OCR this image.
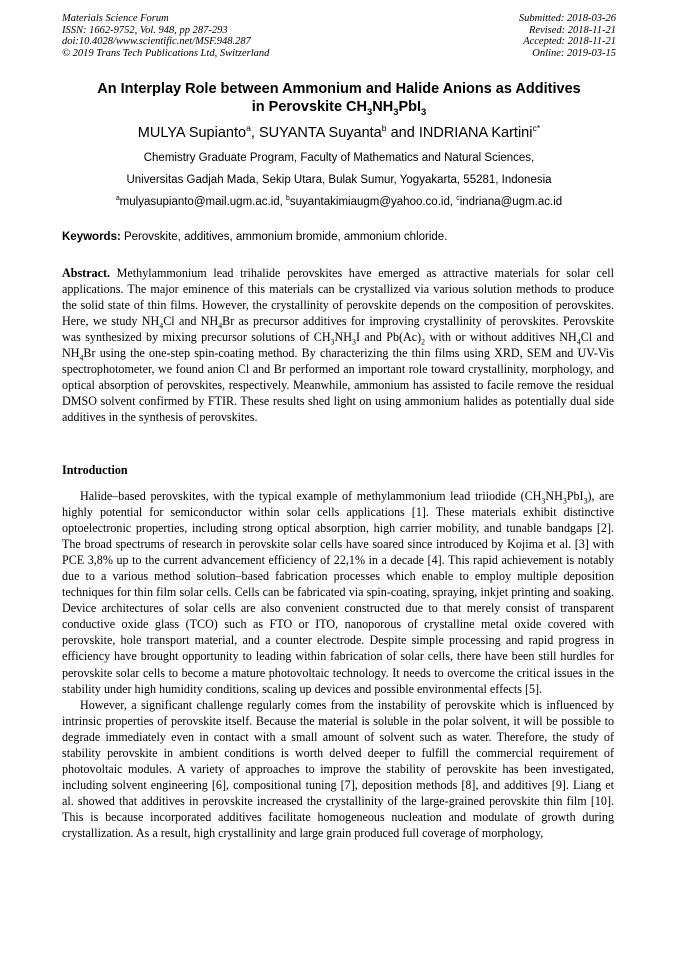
Materials Science Forum
ISSN: 1662-9752, Vol. 948, pp 287-293
doi:10.4028/www.scientific.net/MSF.948.287
© 2019 Trans Tech Publications Ltd, Switzerland
Submitted: 2018-03-26
Revised: 2018-11-21
Accepted: 2018-11-21
Online: 2019-03-15
An Interplay Role between Ammonium and Halide Anions as Additives
in Perovskite $CH_3NH_3PbI_3$
MULYA Supianto$^a$, SUYANTA Suyanta$^b$ and INDRIANA Kartini$^{c*}$
Chemistry Graduate Program, Faculty of Mathematics and Natural Sciences,
Universitas Gadjah Mada, Sekip Utara, Bulak Sumur, Yogyakarta, 55281, Indonesia
$^a$mulyasupianto@mail.ugm.ac.id, $^b$suyantakimiaugm@yahoo.co.id, $^c$indriana@ugm.ac.id
Keywords: Perovskite, additives, ammonium bromide, ammonium chloride.
Abstract. Methylammonium lead trihalide perovskites have emerged as attractive materials for solar cell applications. The major eminence of this materials can be crystallized via various solution methods to produce the solid state of thin films. However, the crystallinity of perovskite depends on the composition of perovskites. Here, we study $NH_4Cl$ and $NH_4Br$ as precursor additives for improving crystallinity of perovskites. Perovskite was synthesized by mixing precursor solutions of $CH_3NH_3I$ and $Pb(Ac)_2$ with or without additives $NH_4Cl$ and $NH_4Br$ using the one-step spin-coating method. By characterizing the thin films using XRD, SEM and UV-Vis spectrophotometer, we found anion Cl and Br performed an important role toward crystallinity, morphology, and optical absorption of perovskites, respectively. Meanwhile, ammonium has assisted to facile remove the residual DMSO solvent confirmed by FTIR. These results shed light on using ammonium halides as potentially dual side additives in the synthesis of perovskites.
Introduction
Halide–based perovskites, with the typical example of methylammonium lead triiodide $(CH_3NH_3PbI_3)$, are highly potential for semiconductor within solar cells applications [1]. These materials exhibit distinctive optoelectronic properties, including strong optical absorption, high carrier mobility, and tunable bandgaps [2]. The broad spectrums of research in perovskite solar cells have soared since introduced by Kojima et al. [3] with PCE 3,8% up to the current advancement efficiency of 22,1% in a decade [4]. This rapid achievement is notably due to a various method solution–based fabrication processes which enable to employ multiple deposition techniques for thin film solar cells. Cells can be fabricated via spin-coating, spraying, inkjet printing and soaking. Device architectures of solar cells are also convenient constructed due to that merely consist of transparent conductive oxide glass (TCO) such as FTO or ITO, nanoporous of crystalline metal oxide covered with perovskite, hole transport material, and a counter electrode. Despite simple processing and rapid progress in efficiency have brought opportunity to leading within fabrication of solar cells, there have been still hurdles for perovskite solar cells to become a mature photovoltaic technology. It needs to overcome the critical issues in the stability under high humidity conditions, scaling up devices and possible environmental effects [5].
However, a significant challenge regularly comes from the instability of perovskite which is influenced by intrinsic properties of perovskite itself. Because the material is soluble in the polar solvent, it will be possible to degrade immediately even in contact with a small amount of solvent such as water. Therefore, the study of stability perovskite in ambient conditions is worth delved deeper to fulfill the commercial requirement of photovoltaic modules. A variety of approaches to improve the stability of perovskite has been investigated, including solvent engineering [6], compositional tuning [7], deposition methods [8], and additives [9]. Liang et al. showed that additives in perovskite increased the crystallinity of the large-grained perovskite thin film [10]. This is because incorporated additives facilitate homogeneous nucleation and modulate of growth during crystallization. As a result, high crystallinity and large grain produced full coverage of morphology,
